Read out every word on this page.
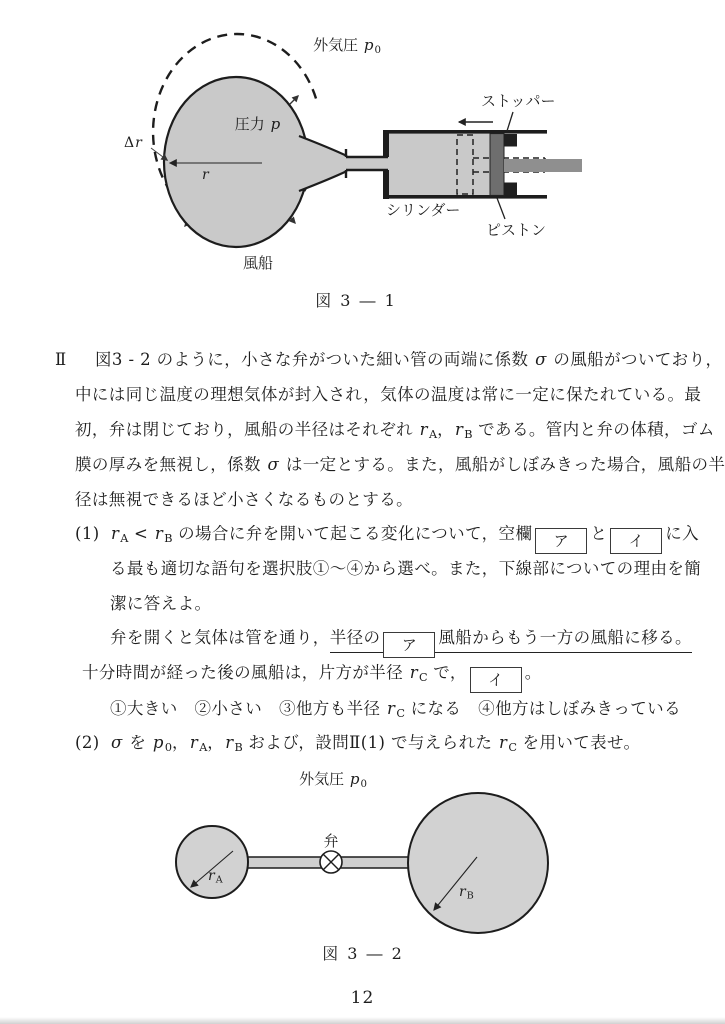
外気圧 $p_0$
圧力 p
Δr
r
風船
ストッパー
シリンダー
ピストン
図 3 ― 1
Ⅱ 図3 - 2 のように，小さな弁がついた細い管の両端に係数 σ の風船がついており，
中には同じ温度の理想気体が封入され，気体の温度は常に一定に保たれている。最
初，弁は閉じており，風船の半径はそれぞれ $r_A$，$r_B$ である。管内と弁の体積，ゴム
膜の厚みを無視し，係数 σ は一定とする。また，風船がしぼみきった場合，風船の半
径は無視できるほど小さくなるものとする。
(1) $r_A < r_B$ の場合に弁を開いて起こる変化について，空欄 ア と イ に入
る最も適切な語句を選択肢①～④から選べ。また，下線部についての理由を簡
潔に答えよ。
弁を開くと気体は管を通り，半径の ア 風船からもう一方の風船に移る。
十分時間が経った後の風船は，片方が半径 $r_C$ で， イ 。
①大きい　②小さい　③他方も半径 $r_C$ になる　④他方はしぼみきっている
(2) σ を $p_0$，$r_A$，$r_B$ および，設問Ⅱ(1) で与えられた $r_C$ を用いて表せ。
外気圧 $p_0$
弁
$r_A$
$r_B$
図 3 ― 2
12
